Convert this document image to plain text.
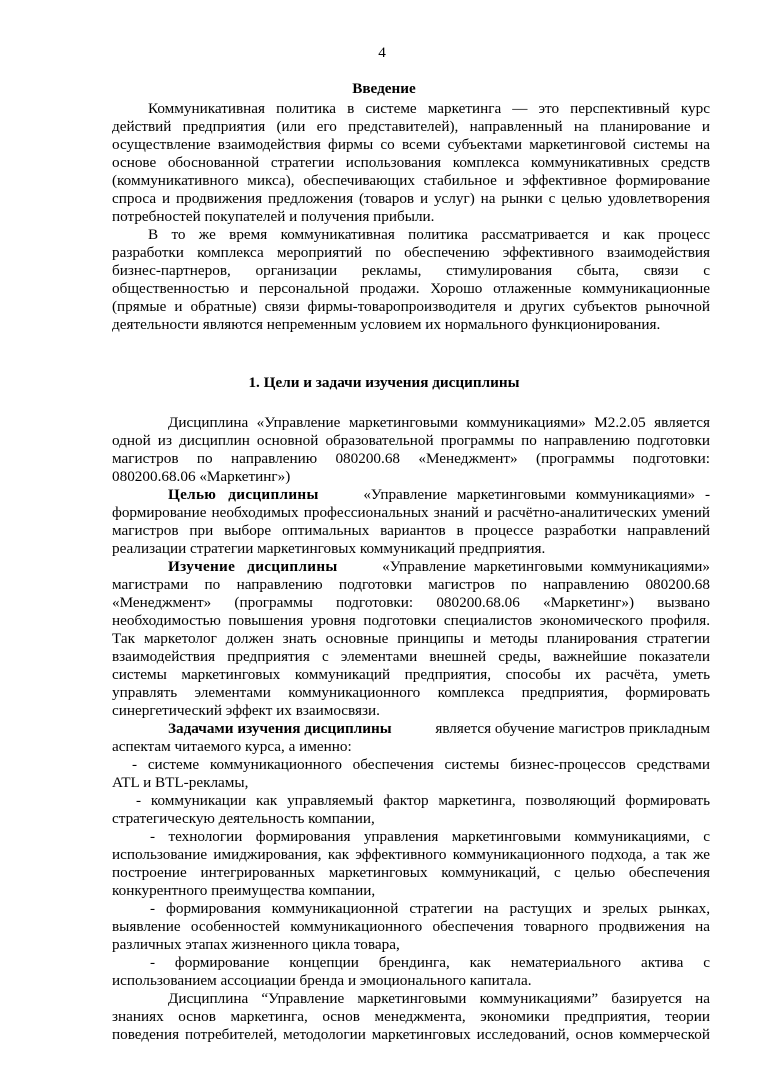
4
Введение
Коммуникативная политика в системе маркетинга — это перспективный курс
действий предприятия (или его представителей), направленный на планирование и
осуществление взаимодействия фирмы со всеми субъектами маркетинговой системы на
основе обоснованной стратегии использования комплекса коммуникативных средств
(коммуникативного микса), обеспечивающих стабильное и эффективное формирование
спроса и продвижения предложения (товаров и услуг) на рынки с целью удовлетворения
потребностей покупателей и получения прибыли.
В то же время коммуникативная политика рассматривается и как процесс
разработки комплекса мероприятий по обеспечению эффективного взаимодействия
бизнес-партнеров, организации рекламы, стимулирования сбыта, связи с
общественностью и персональной продажи. Хорошо отлаженные коммуникационные
(прямые и обратные) связи фирмы-товаропроизводителя и других субъектов рыночной
деятельности являются непременным условием их нормального функционирования.
1. Цели и задачи изучения дисциплины
Дисциплина «Управление маркетинговыми коммуникациями» М2.2.05 является
одной из дисциплин основной образовательной программы по направлению подготовки
магистров по направлению 080200.68 «Менеджмент» (программы подготовки:
080200.68.06 «Маркетинг»)
Целью дисциплины	«Управление маркетинговыми коммуникациями» -
формирование необходимых профессиональных знаний и расчётно-аналитических умений
магистров при выборе оптимальных вариантов в процессе разработки направлений
реализации стратегии маркетинговых коммуникаций предприятия.
Изучение дисциплины	«Управление маркетинговыми коммуникациями»
магистрами по направлению подготовки магистров по направлению 080200.68
«Менеджмент» (программы подготовки: 080200.68.06 «Маркетинг») вызвано
необходимостью повышения уровня подготовки специалистов экономического профиля.
Так маркетолог должен знать основные принципы и методы планирования стратегии
взаимодействия предприятия с элементами внешней среды, важнейшие показатели
системы маркетинговых коммуникаций предприятия, способы их расчёта, уметь
управлять элементами коммуникационного комплекса предприятия, формировать
синергетический эффект их взаимосвязи.
Задачами изучения дисциплины	является обучение магистров прикладным
аспектам читаемого курса, а именно:
- системе коммуникационного обеспечения системы бизнес-процессов средствами
ATL и BTL-рекламы,
- коммуникации как управляемый фактор маркетинга, позволяющий формировать
стратегическую деятельность компании,
- технологии формирования управления маркетинговыми коммуникациями, с
использование имиджирования, как эффективного коммуникационного подхода, а так же
построение интегрированных маркетинговых коммуникаций, с целью обеспечения
конкурентного преимущества компании,
- формирования коммуникационной стратегии на растущих и зрелых рынках,
выявление особенностей коммуникационного обеспечения товарного продвижения на
различных этапах жизненного цикла товара,
- формирование концепции брендинга, как нематериального актива с
использованием ассоциации бренда и эмоционального капитала.
Дисциплина “Управление маркетинговыми коммуникациями” базируется на
знаниях основ маркетинга, основ менеджмента, экономики предприятия, теории
поведения потребителей, методологии маркетинговых исследований, основ коммерческой
